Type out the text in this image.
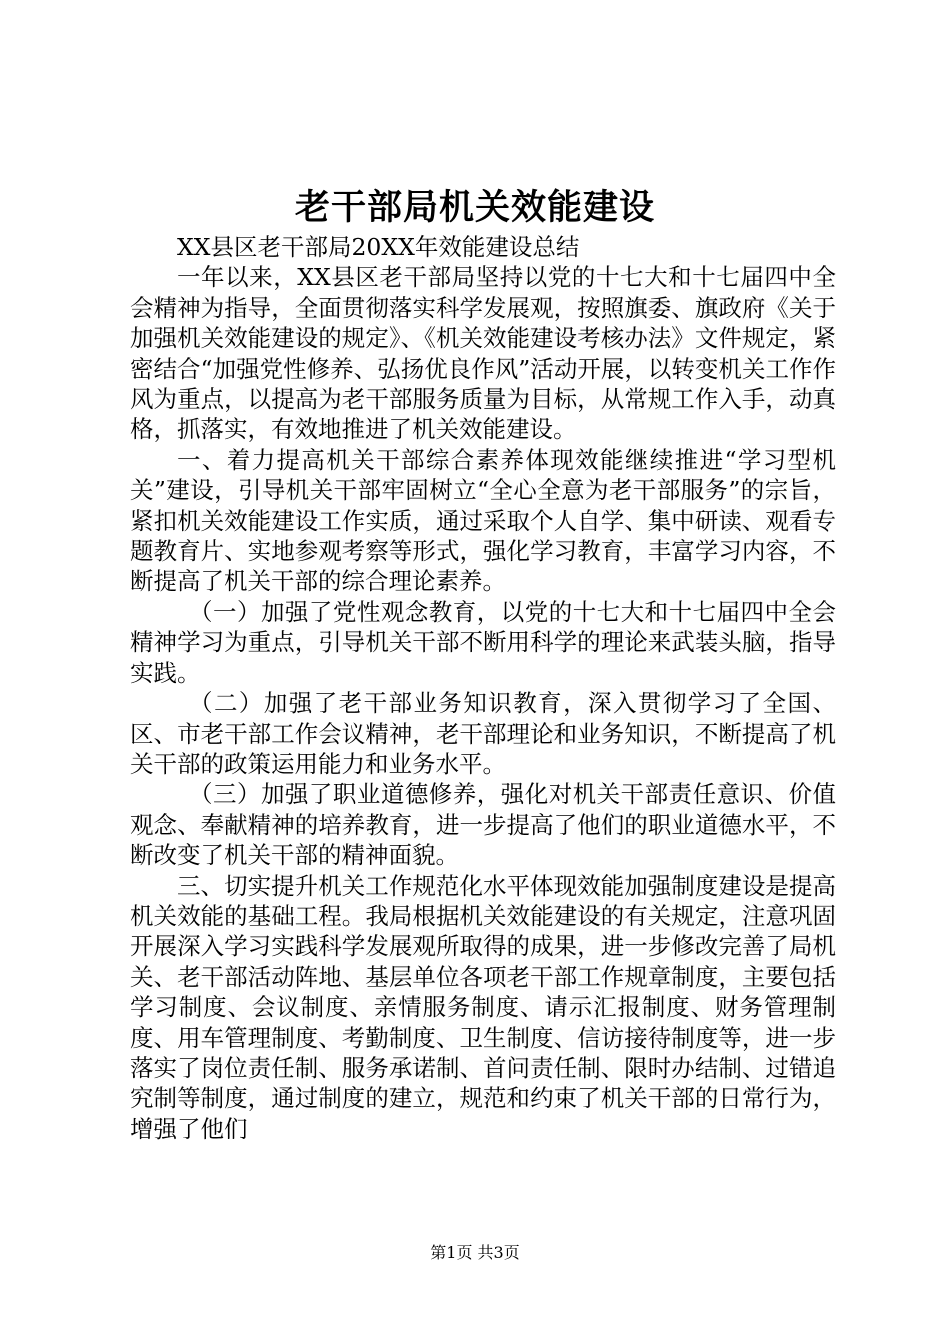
老干部局机关效能建设

XX县区老干部局20XX年效能建设总结

一年以来，XX县区老干部局坚持以党的十七大和十七届四中全会精神为指导，全面贯彻落实科学发展观，按照旗委、旗政府《关于加强机关效能建设的规定》、《机关效能建设考核办法》文件规定，紧密结合“加强党性修养、弘扬优良作风”活动开展，以转变机关工作作风为重点，以提高为老干部服务质量为目标，从常规工作入手，动真格，抓落实，有效地推进了机关效能建设。

一、着力提高机关干部综合素养体现效能继续推进“学习型机关”建设，引导机关干部牢固树立“全心全意为老干部服务”的宗旨，紧扣机关效能建设工作实质，通过采取个人自学、集中研读、观看专题教育片、实地参观考察等形式，强化学习教育，丰富学习内容，不断提高了机关干部的综合理论素养。

（一）加强了党性观念教育，以党的十七大和十七届四中全会精神学习为重点，引导机关干部不断用科学的理论来武装头脑，指导实践。

（二）加强了老干部业务知识教育，深入贯彻学习了全国、区、市老干部工作会议精神，老干部理论和业务知识，不断提高了机关干部的政策运用能力和业务水平。

（三）加强了职业道德修养，强化对机关干部责任意识、价值观念、奉献精神的培养教育，进一步提高了他们的职业道德水平，不断改变了机关干部的精神面貌。

三、切实提升机关工作规范化水平体现效能加强制度建设是提高机关效能的基础工程。我局根据机关效能建设的有关规定，注意巩固开展深入学习实践科学发展观所取得的成果，进一步修改完善了局机关、老干部活动阵地、基层单位各项老干部工作规章制度，主要包括学习制度、会议制度、亲情服务制度、请示汇报制度、财务管理制度、用车管理制度、考勤制度、卫生制度、信访接待制度等，进一步落实了岗位责任制、服务承诺制、首问责任制、限时办结制、过错追究制等制度，通过制度的建立，规范和约束了机关干部的日常行为，增强了他们

第1页 共3页
